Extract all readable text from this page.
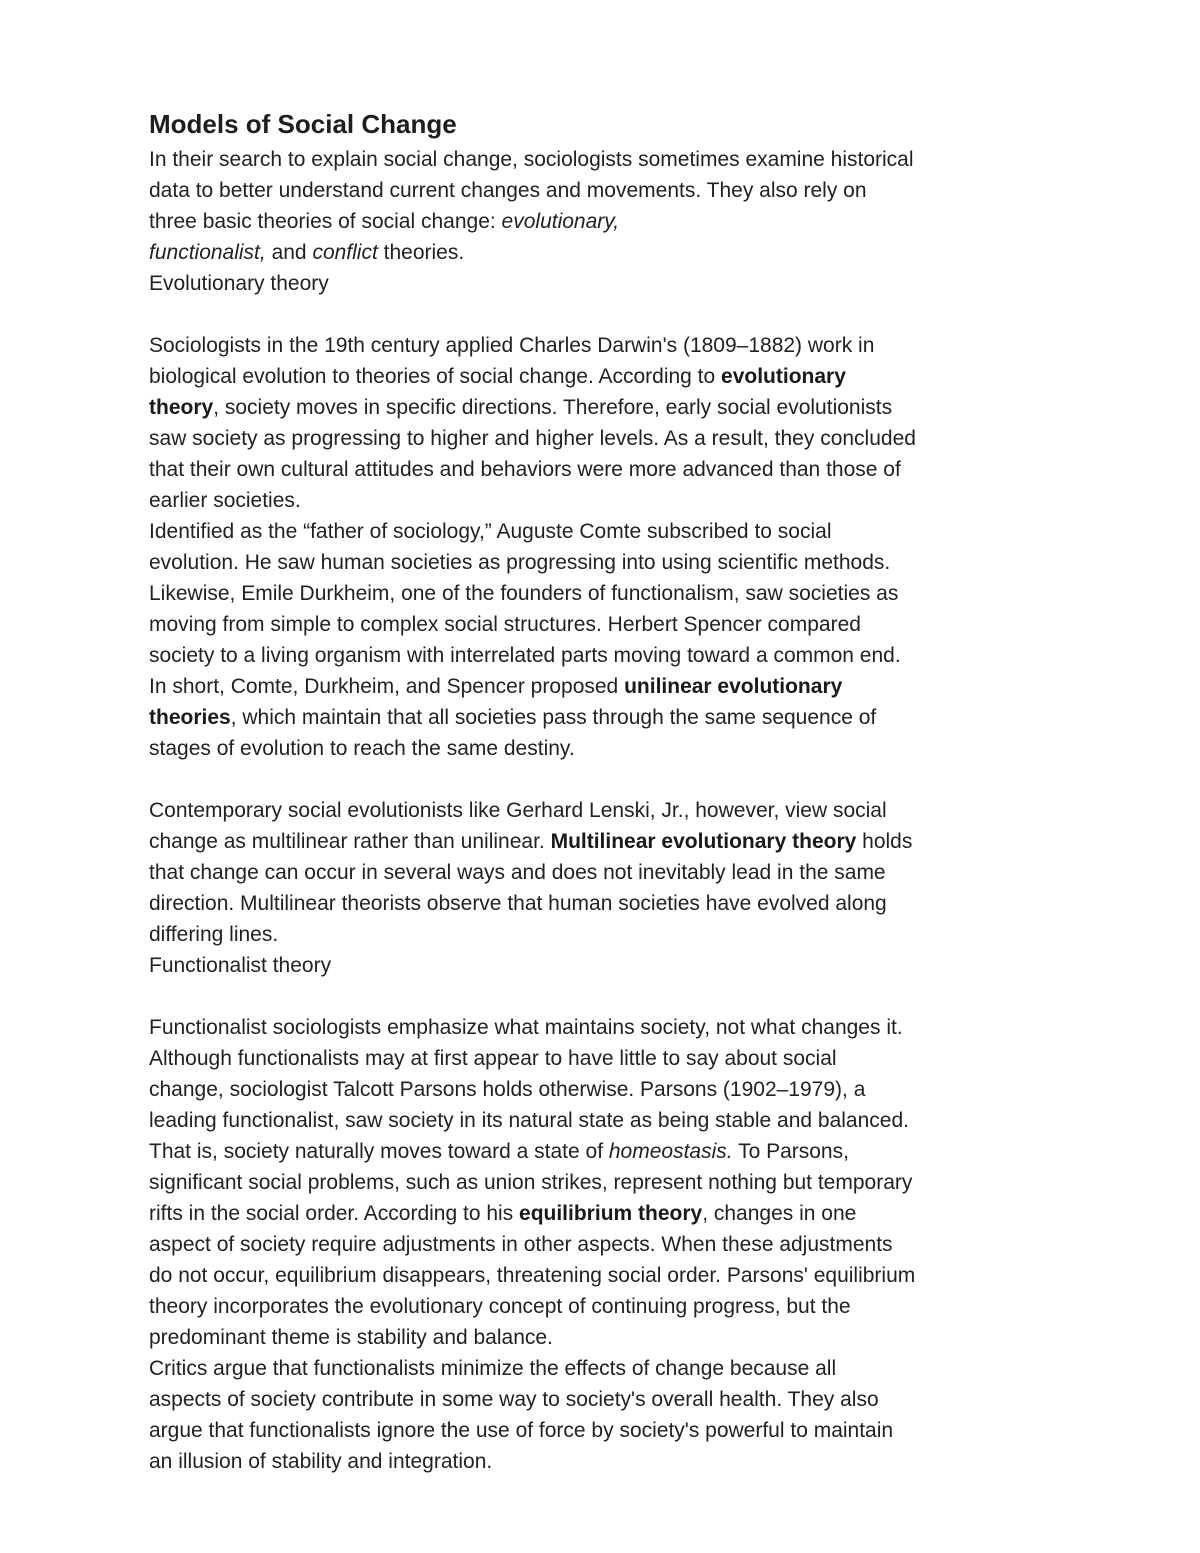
Models of Social Change
In their search to explain social change, sociologists sometimes examine historical
data to better understand current changes and movements. They also rely on
three basic theories of social change: evolutionary,
functionalist, and conflict theories.
Evolutionary theory
Sociologists in the 19th century applied Charles Darwin's (1809–1882) work in
biological evolution to theories of social change. According to evolutionary
theory, society moves in specific directions. Therefore, early social evolutionists
saw society as progressing to higher and higher levels. As a result, they concluded
that their own cultural attitudes and behaviors were more advanced than those of
earlier societies.
Identified as the “father of sociology,” Auguste Comte subscribed to social
evolution. He saw human societies as progressing into using scientific methods.
Likewise, Emile Durkheim, one of the founders of functionalism, saw societies as
moving from simple to complex social structures. Herbert Spencer compared
society to a living organism with interrelated parts moving toward a common end.
In short, Comte, Durkheim, and Spencer proposed unilinear evolutionary
theories, which maintain that all societies pass through the same sequence of
stages of evolution to reach the same destiny.
Contemporary social evolutionists like Gerhard Lenski, Jr., however, view social
change as multilinear rather than unilinear. Multilinear evolutionary theory holds
that change can occur in several ways and does not inevitably lead in the same
direction. Multilinear theorists observe that human societies have evolved along
differing lines.
Functionalist theory
Functionalist sociologists emphasize what maintains society, not what changes it.
Although functionalists may at first appear to have little to say about social
change, sociologist Talcott Parsons holds otherwise. Parsons (1902–1979), a
leading functionalist, saw society in its natural state as being stable and balanced.
That is, society naturally moves toward a state of homeostasis. To Parsons,
significant social problems, such as union strikes, represent nothing but temporary
rifts in the social order. According to his equilibrium theory, changes in one
aspect of society require adjustments in other aspects. When these adjustments
do not occur, equilibrium disappears, threatening social order. Parsons' equilibrium
theory incorporates the evolutionary concept of continuing progress, but the
predominant theme is stability and balance.
Critics argue that functionalists minimize the effects of change because all
aspects of society contribute in some way to society's overall health. They also
argue that functionalists ignore the use of force by society's powerful to maintain
an illusion of stability and integration.
